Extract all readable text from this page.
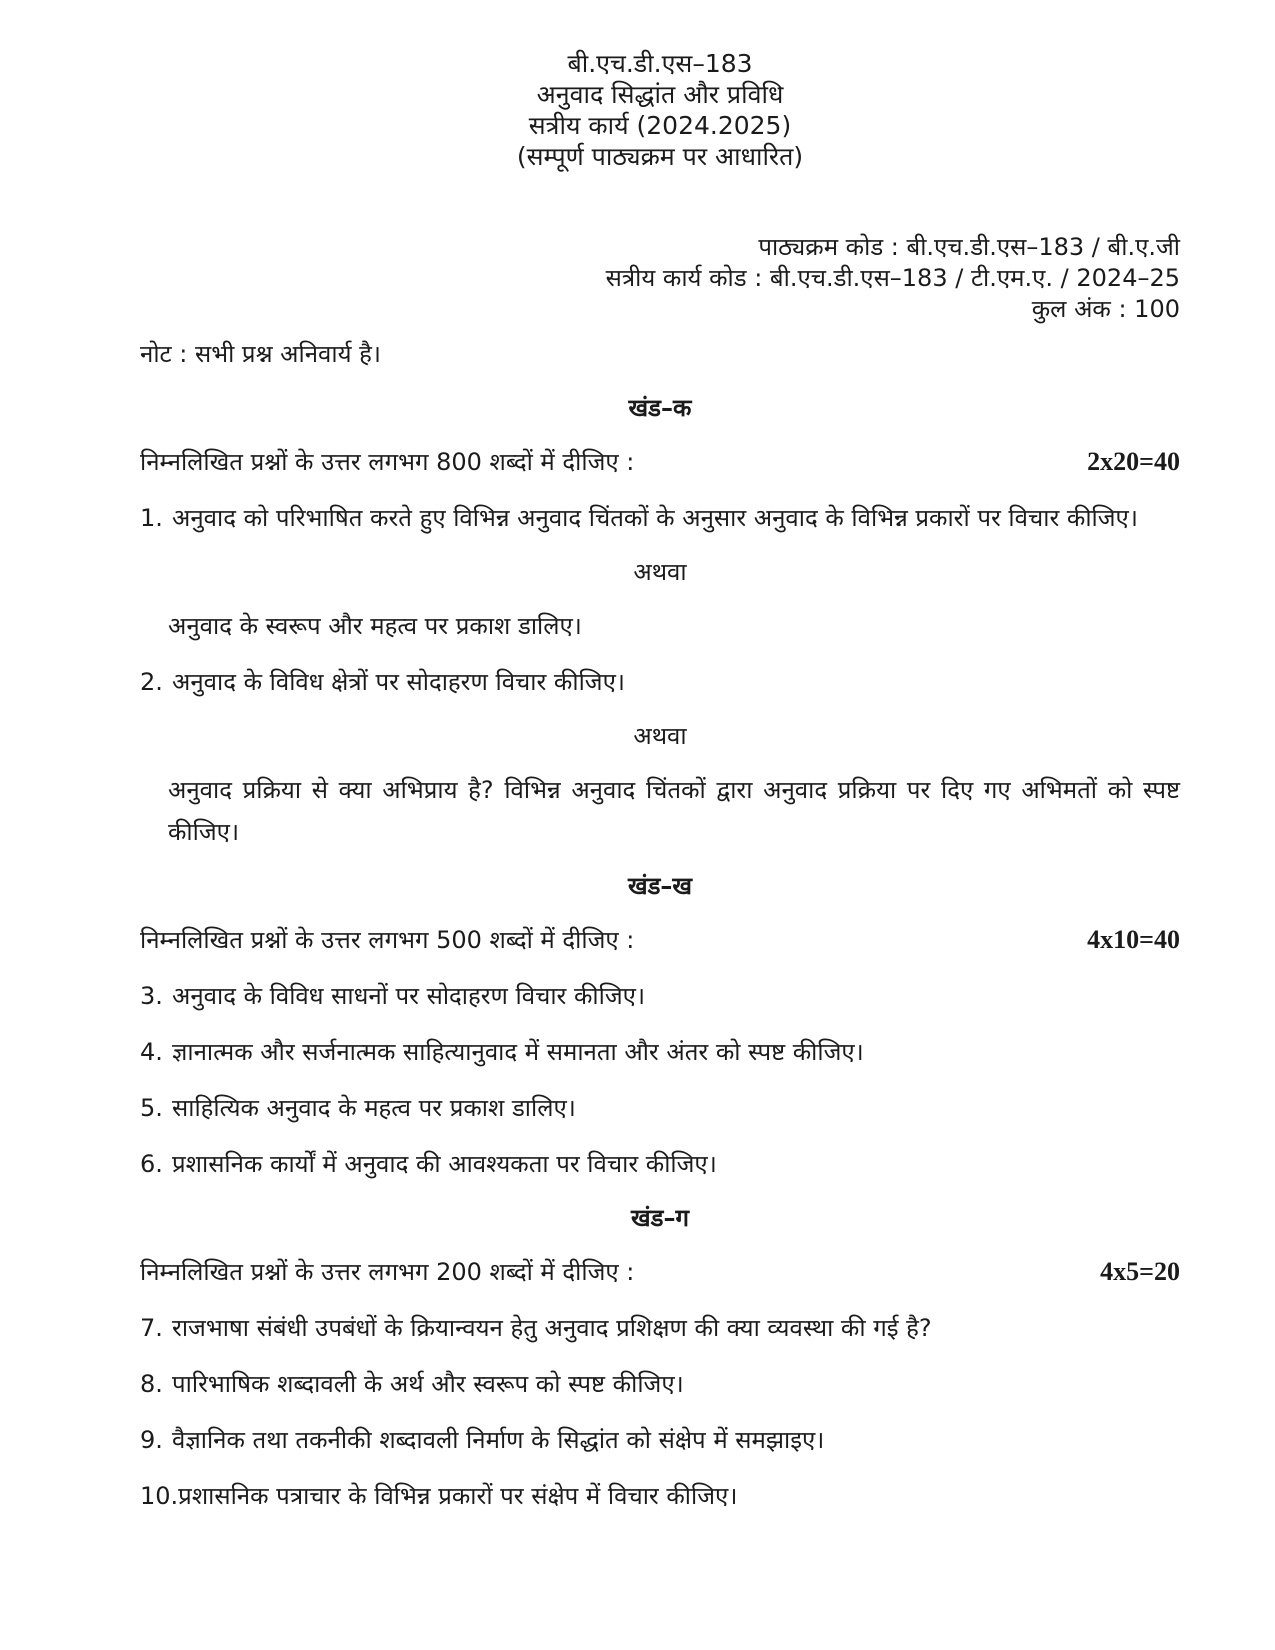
बी.एच.डी.एस–183
अनुवाद सिद्धांत और प्रविधि
सत्रीय कार्य (2024.2025)
(सम्पूर्ण पाठ्यक्रम पर आधारित)
पाठ्यक्रम कोड : बी.एच.डी.एस–183 / बी.ए.जी
सत्रीय कार्य कोड : बी.एच.डी.एस–183 / टी.एम.ए. / 2024–25
कुल अंक : 100
नोट : सभी प्रश्न अनिवार्य है।
खंड–क
निम्नलिखित प्रश्नों के उत्तर लगभग 800 शब्दों में दीजिए :	2x20=40
1. अनुवाद को परिभाषित करते हुए विभिन्न अनुवाद चिंतकों के अनुसार अनुवाद के विभिन्न प्रकारों पर विचार कीजिए।
अथवा
अनुवाद के स्वरूप और महत्व पर प्रकाश डालिए।
2. अनुवाद के विविध क्षेत्रों पर सोदाहरण विचार कीजिए।
अथवा
अनुवाद प्रक्रिया से क्या अभिप्राय है? विभिन्न अनुवाद चिंतकों द्वारा अनुवाद प्रक्रिया पर दिए गए अभिमतों को स्पष्ट कीजिए।
खंड–ख
निम्नलिखित प्रश्नों के उत्तर लगभग 500 शब्दों में दीजिए :	4x10=40
3. अनुवाद के विविध साधनों पर सोदाहरण विचार कीजिए।
4. ज्ञानात्मक और सर्जनात्मक साहित्यानुवाद में समानता और अंतर को स्पष्ट कीजिए।
5. साहित्यिक अनुवाद के महत्व पर प्रकाश डालिए।
6. प्रशासनिक कार्यों में अनुवाद की आवश्यकता पर विचार कीजिए।
खंड–ग
निम्नलिखित प्रश्नों के उत्तर लगभग 200 शब्दों में दीजिए :	4x5=20
7. राजभाषा संबंधी उपबंधों के क्रियान्वयन हेतु अनुवाद प्रशिक्षण की क्या व्यवस्था की गई है?
8. पारिभाषिक शब्दावली के अर्थ और स्वरूप को स्पष्ट कीजिए।
9. वैज्ञानिक तथा तकनीकी शब्दावली निर्माण के सिद्धांत को संक्षेप में समझाइए।
10. प्रशासनिक पत्राचार के विभिन्न प्रकारों पर संक्षेप में विचार कीजिए।
